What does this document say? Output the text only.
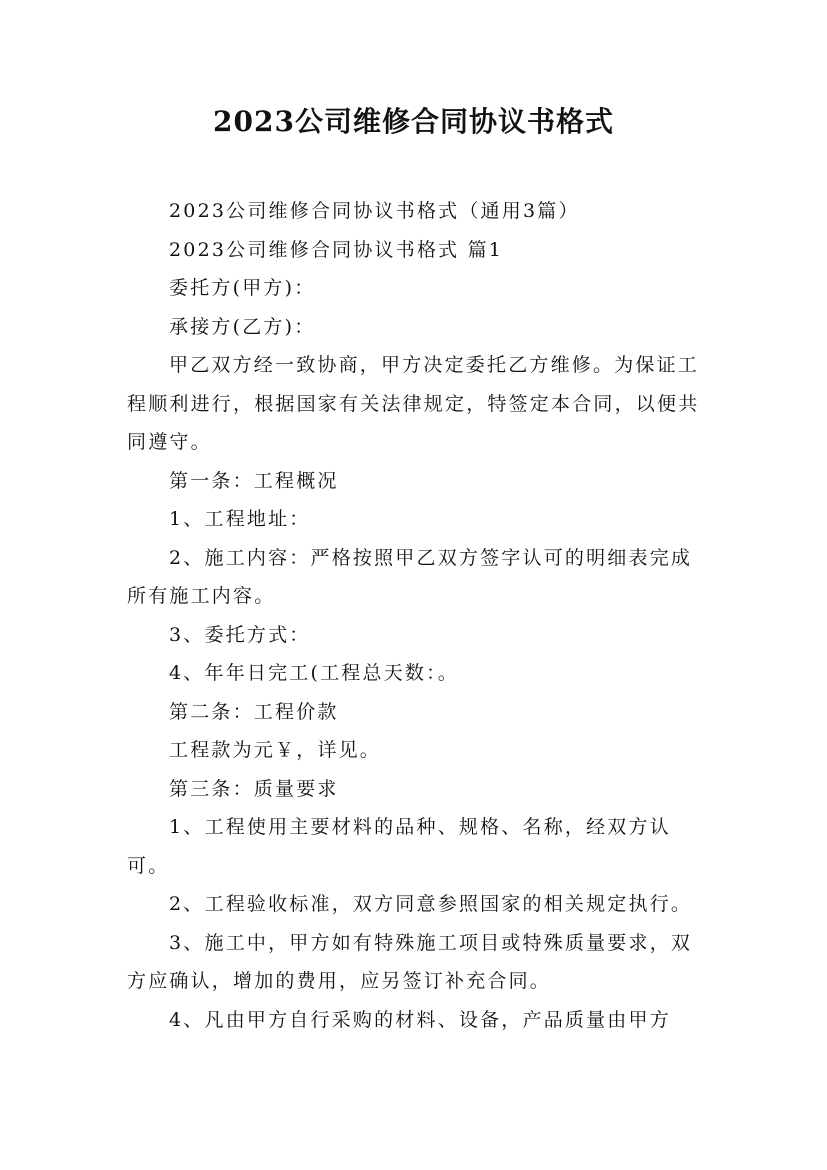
2023公司维修合同协议书格式

2023公司维修合同协议书格式（通用3篇）

2023公司维修合同协议书格式 篇1

委托方(甲方)：

承接方(乙方)：

甲乙双方经一致协商，甲方决定委托乙方维修。为保证工程顺利进行，根据国家有关法律规定，特签定本合同，以便共同遵守。

第一条：工程概况

1、工程地址：

2、施工内容：严格按照甲乙双方签字认可的明细表完成所有施工内容。

3、委托方式：

4、年年日完工(工程总天数：。

第二条：工程价款

工程款为元￥，详见。

第三条：质量要求

1、工程使用主要材料的品种、规格、名称，经双方认可。

2、工程验收标准，双方同意参照国家的相关规定执行。

3、施工中，甲方如有特殊施工项目或特殊质量要求，双方应确认，增加的费用，应另签订补充合同。

4、凡由甲方自行采购的材料、设备，产品质量由甲方
